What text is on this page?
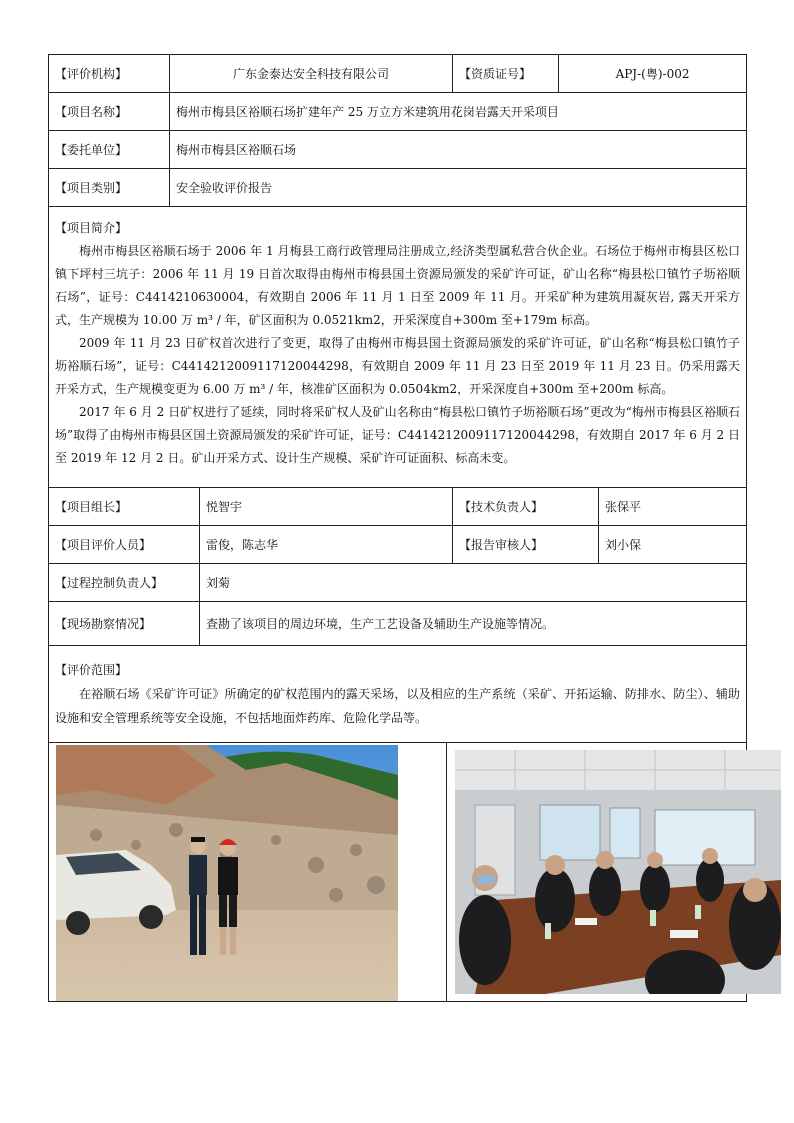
【评价机构】	广东金泰达安全科技有限公司			【资质证号】	APJ-(粤)-002	
【项目名称】	梅州市梅县区裕顺石场扩建年产 25 万立方米建筑用花岗岩露天开采项目					
【委托单位】	梅州市梅县区裕顺石场					
【项目类别】	安全验收评价报告					

【项目简介】

梅州市梅县区裕顺石场于 2006 年 1 月梅县工商行政管理局注册成立,经济类型属私营合伙企业。石场位于梅州市梅县区松口镇下坪村三坑子：2006 年 11 月 19 日首次取得由梅州市梅县国土资源局颁发的采矿许可证，矿山名称“梅县松口镇竹子坜裕顺石场”，证号：C4414210630004，有效期自 2006 年 11 月 1 日至 2009 年 11 月。开采矿种为建筑用凝灰岩, 露天开采方式，生产规模为 10.00 万 m³ / 年，矿区面积为 0.0521km2，开采深度自+300m 至+179m 标高。

2009 年 11 月 23 日矿权首次进行了变更，取得了由梅州市梅县国土资源局颁发的采矿许可证，矿山名称“梅县松口镇竹子坜裕顺石场”，证号：C4414212009117120044298，有效期自 2009 年 11 月 23 日至 2019 年 11 月 23 日。仍采用露天开采方式，生产规模变更为 6.00 万 m³ / 年，核准矿区面积为 0.0504km2，开采深度自+300m 至+200m 标高。

2017 年 6 月 2 日矿权进行了延续，同时将采矿权人及矿山名称由“梅县松口镇竹子坜裕顺石场”更改为“梅州市梅县区裕顺石场”取得了由梅州市梅县区国土资源局颁发的采矿许可证，证号：C4414212009117120044298，有效期自 2017 年 6 月 2 日至 2019 年 12 月 2 日。矿山开采方式、设计生产规模、采矿许可证面积、标高未变。						

【项目组长】		悦智宇		【技术负责人】		张保平
【项目评价人员】		雷俊，陈志华		【报告审核人】		刘小保
【过程控制负责人】		刘菊				
【现场勘察情况】		查勘了该项目的周边环境，生产工艺设备及辅助生产设施等情况。				

【评价范围】

在裕顺石场《采矿许可证》所确定的矿权范围内的露天采场，以及相应的生产系统（采矿、开拓运输、防排水、防尘）、辅助设施和安全管理系统等安全设施，不包括地面炸药库、危险化学品等。						
